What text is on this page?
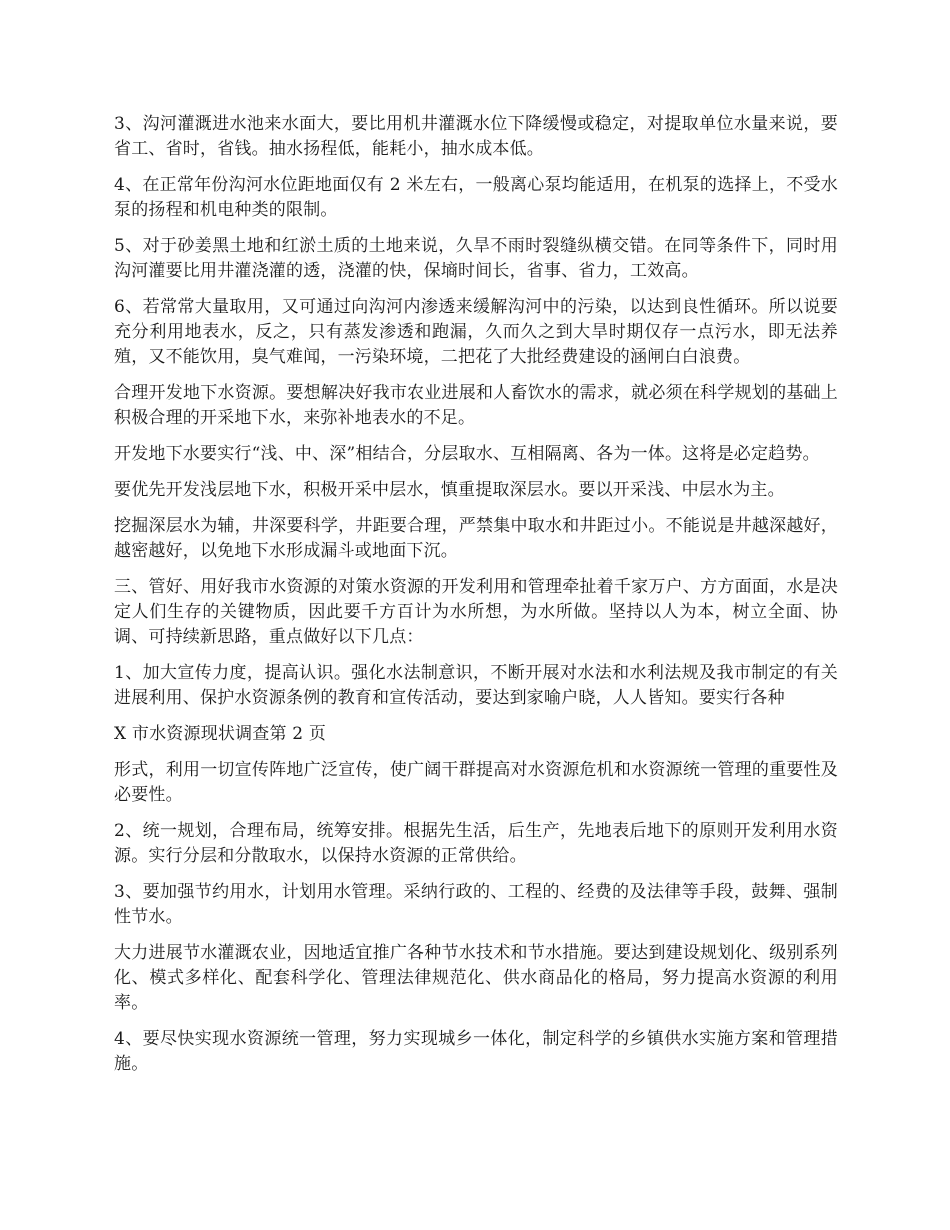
3、沟河灌溉进水池来水面大，要比用机井灌溉水位下降缓慢或稳定，对提取单位水量来说，要省工、省时，省钱。抽水扬程低，能耗小，抽水成本低。

4、在正常年份沟河水位距地面仅有 2 米左右，一般离心泵均能适用，在机泵的选择上，不受水泵的扬程和机电种类的限制。

5、对于砂姜黑土地和红淤土质的土地来说，久旱不雨时裂缝纵横交错。在同等条件下，同时用沟河灌要比用井灌浇灌的透，浇灌的快，保墒时间长，省事、省力，工效高。

6、若常常大量取用，又可通过向沟河内渗透来缓解沟河中的污染，以达到良性循环。所以说要充分利用地表水，反之，只有蒸发渗透和跑漏，久而久之到大旱时期仅存一点污水，即无法养殖，又不能饮用，臭气难闻，一污染环境，二把花了大批经费建设的涵闸白白浪费。

合理开发地下水资源。要想解决好我市农业进展和人畜饮水的需求，就必须在科学规划的基础上积极合理的开采地下水，来弥补地表水的不足。

开发地下水要实行“浅、中、深”相结合，分层取水、互相隔离、各为一体。这将是必定趋势。

要优先开发浅层地下水，积极开采中层水，慎重提取深层水。要以开采浅、中层水为主。

挖掘深层水为辅，井深要科学，井距要合理，严禁集中取水和井距过小。不能说是井越深越好，越密越好，以免地下水形成漏斗或地面下沉。

三、管好、用好我市水资源的对策水资源的开发利用和管理牵扯着千家万户、方方面面，水是决定人们生存的关键物质，因此要千方百计为水所想，为水所做。坚持以人为本，树立全面、协调、可持续新思路，重点做好以下几点：

1、加大宣传力度，提高认识。强化水法制意识，不断开展对水法和水利法规及我市制定的有关进展利用、保护水资源条例的教育和宣传活动，要达到家喻户晓，人人皆知。要实行各种

X 市水资源现状调查第 2 页

形式，利用一切宣传阵地广泛宣传，使广阔干群提高对水资源危机和水资源统一管理的重要性及必要性。

2、统一规划，合理布局，统筹安排。根据先生活，后生产，先地表后地下的原则开发利用水资源。实行分层和分散取水，以保持水资源的正常供给。

3、要加强节约用水，计划用水管理。采纳行政的、工程的、经费的及法律等手段，鼓舞、强制性节水。

大力进展节水灌溉农业，因地适宜推广各种节水技术和节水措施。要达到建设规划化、级别系列化、模式多样化、配套科学化、管理法律规范化、供水商品化的格局，努力提高水资源的利用率。

4、要尽快实现水资源统一管理，努力实现城乡一体化，制定科学的乡镇供水实施方案和管理措施。
